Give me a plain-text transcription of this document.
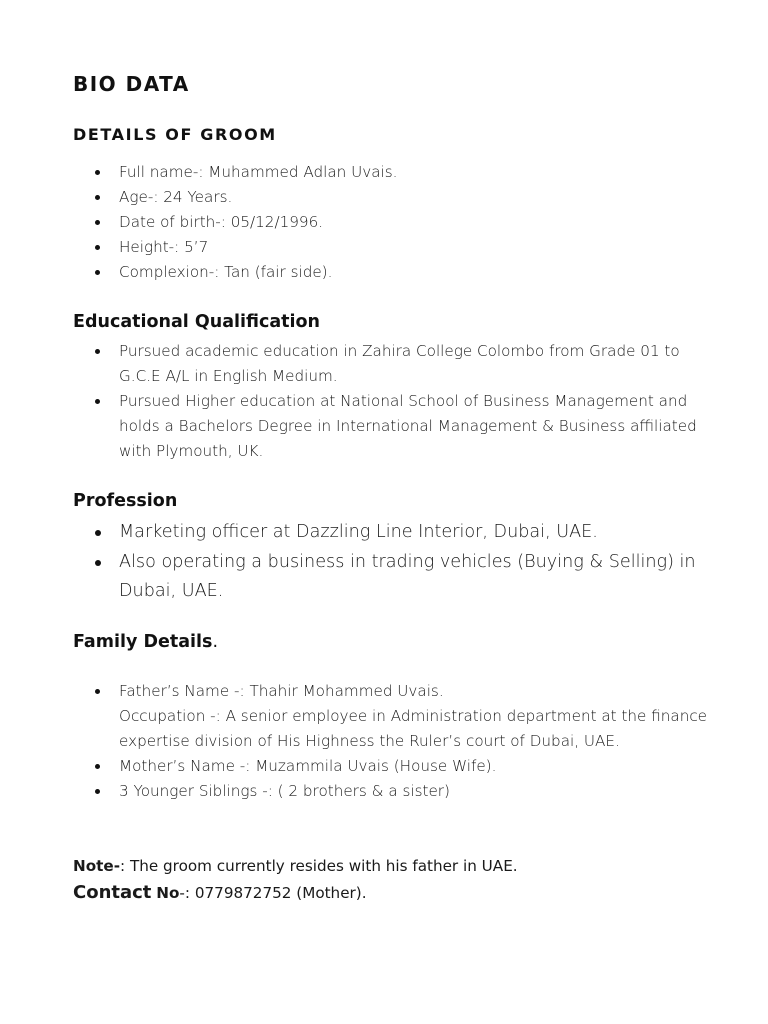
BIO DATA
DETAILS OF GROOM
Full name-: Muhammed Adlan Uvais.
Age-: 24 Years.
Date of birth-: 05/12/1996.
Height-: 5’7
Complexion-: Tan (fair side).
Educational Qualification
Pursued academic education in Zahira College Colombo from Grade 01 to G.C.E A/L in English Medium.
Pursued Higher education at National School of Business Management and holds a Bachelors Degree in International Management & Business affiliated with Plymouth, UK.
Profession
Marketing officer at Dazzling Line Interior, Dubai, UAE.
Also operating a business in trading vehicles (Buying & Selling) in Dubai, UAE.
Family Details.
Father’s Name -: Thahir Mohammed Uvais.
Occupation -: A senior employee in Administration department at the finance expertise division of His Highness the Ruler’s court of Dubai, UAE.
Mother’s Name -: Muzammila Uvais (House Wife).
3 Younger Siblings -: ( 2 brothers & a sister)

Note-: The groom currently resides with his father in UAE.

Contact No-: 0779872752 (Mother).
